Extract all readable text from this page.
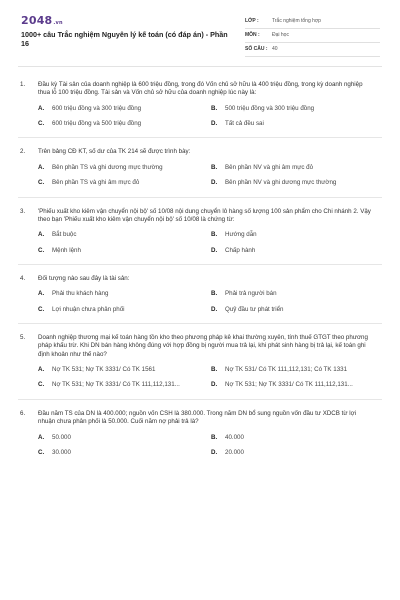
2048.vn
1000+ câu Trắc nghiệm Nguyên lý kế toán (có đáp án) - Phần 16
LỚP :	Trắc nghiệm tổng hợp
MÔN :	Đại học
SỐ CÂU : 40
1. Đầu kỳ Tài sản của doanh nghiệp là 600 triệu đồng, trong đó Vốn chủ sở hữu là 400 triệu đồng, trong kỳ doanh nghiệp thua lỗ 100 triệu đồng. Tài sản và Vốn chủ sở hữu của doanh nghiệp lúc này là:
A.	600 triệu đồng và 300 triệu đồng	B.	500 triệu đồng và 300 triệu đồng
C.	600 triệu đồng và 500 triệu đồng	D.	Tất cả đều sai
2. Trên bảng CĐ KT, số dư của TK 214 sẽ được trình bày:
A.	Bên phần TS và ghi dương mực thường	B.	Bên phần NV và ghi âm mực đỏ
C.	Bên phần TS và ghi âm mực đỏ	D.	Bên phần NV và ghi dương mực thường
3. 'Phiếu xuất kho kiêm vận chuyển nội bộ' số 10/08 nội dung chuyển lô hàng số lượng 100 sản phẩm cho Chi nhánh 2. Vậy theo bạn 'Phiếu xuất kho kiêm vận chuyển nội bộ' số 10/08 là chứng từ:
A.	Bắt buộc	B.	Hướng dẫn
C.	Mệnh lệnh	D.	Chấp hành
4. Đối tượng nào sau đây là tài sản:
A.	Phải thu khách hàng	B.	Phải trả người bán
C.	Lợi nhuận chưa phân phối	D.	Quỹ đầu tư phát triển
5. Doanh nghiệp thương mại kế toán hàng tồn kho theo phương pháp kê khai thường xuyên, tính thuế GTGT theo phương pháp khấu trừ. Khi DN bán hàng không đúng với hợp đồng bị người mua trả lại, khi phát sinh hàng bị trả lại, kế toán ghi định khoản như thế nào?
A.	Nợ TK 531; Nợ TK 3331/ Có TK 1561	B.	Nợ TK 531/ Có TK 111,112,131; Có TK 1331
C.	Nợ TK 531; Nợ TK 3331/ Có TK 111,112,131...	D.	Nợ TK 531; Nợ TK 3331/ Có TK 111,112,131...
6. Đầu năm TS của DN là 400.000; nguồn vốn CSH là 380.000. Trong năm DN bổ sung nguồn vốn đầu tư XDCB từ lợi nhuận chưa phân phối là 50.000. Cuối năm nợ phải trả là?
A.	50.000	B.	40.000
C.	30.000	D.	20.000
